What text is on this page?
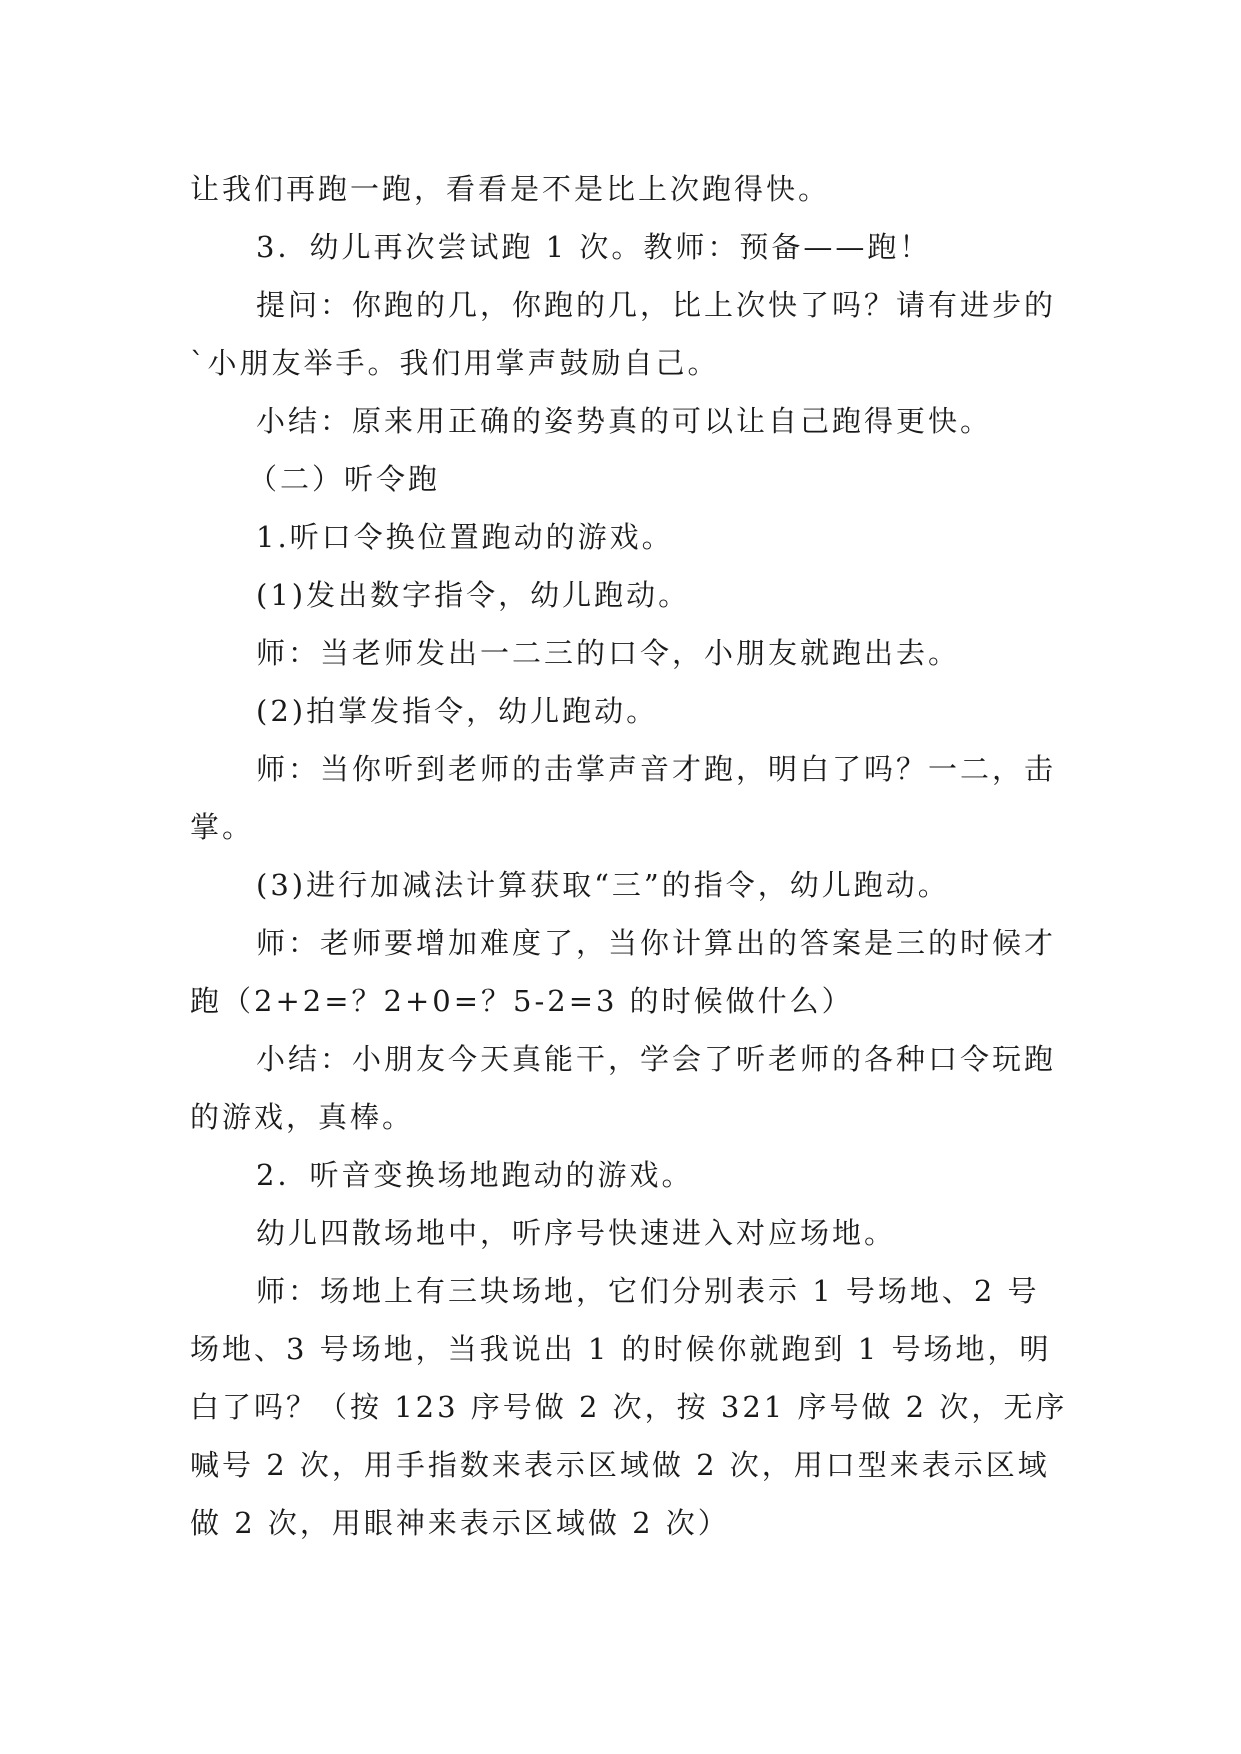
让我们再跑一跑，看看是不是比上次跑得快。

3．幼儿再次尝试跑 1 次。教师：预备——跑！

提问：你跑的几，你跑的几，比上次快了吗？请有进步的`小朋友举手。我们用掌声鼓励自己。

小结：原来用正确的姿势真的可以让自己跑得更快。

（二）听令跑

1.听口令换位置跑动的游戏。

(1)发出数字指令，幼儿跑动。

师：当老师发出一二三的口令，小朋友就跑出去。

(2)拍掌发指令，幼儿跑动。

师：当你听到老师的击掌声音才跑，明白了吗？一二，击掌。

(3)进行加减法计算获取“三”的指令，幼儿跑动。

师：老师要增加难度了，当你计算出的答案是三的时候才跑（2+2=？2+0=？5-2=3 的时候做什么）

小结：小朋友今天真能干，学会了听老师的各种口令玩跑的游戏，真棒。

2．听音变换场地跑动的游戏。

幼儿四散场地中，听序号快速进入对应场地。

师：场地上有三块场地，它们分别表示 1 号场地、2 号场地、3 号场地，当我说出 1 的时候你就跑到 1 号场地，明白了吗？（按 123 序号做 2 次，按 321 序号做 2 次，无序喊号 2 次，用手指数来表示区域做 2 次，用口型来表示区域做 2 次，用眼神来表示区域做 2 次）
